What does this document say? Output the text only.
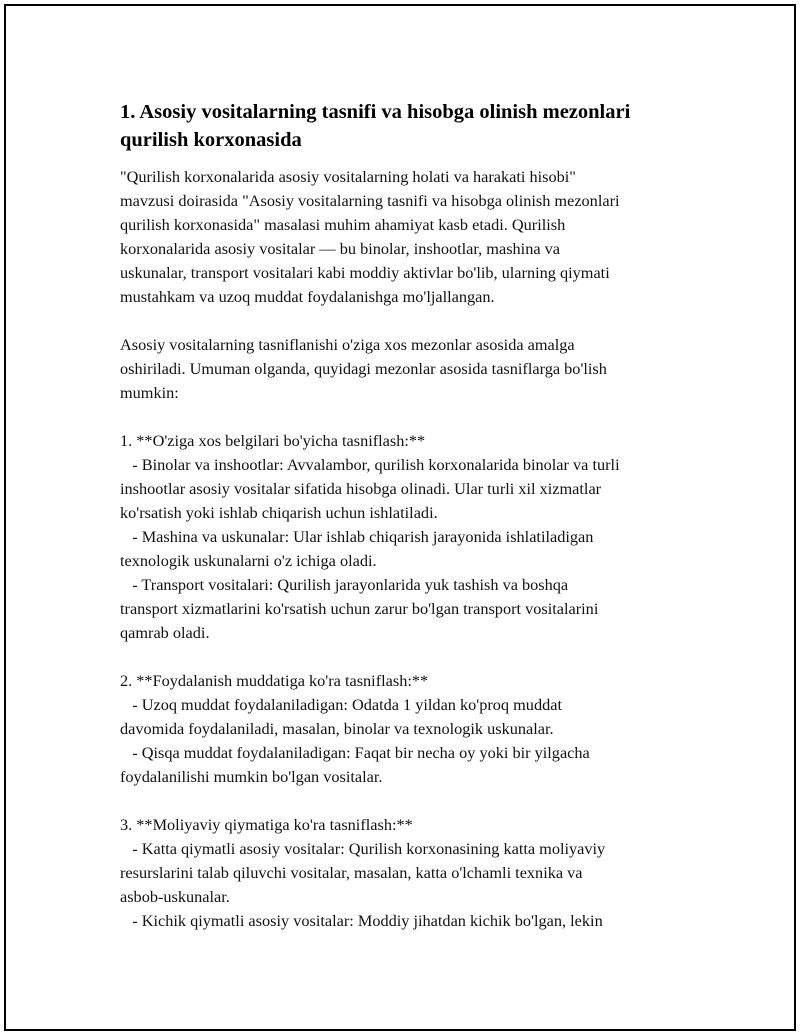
1. Asosiy vositalarning tasnifi va hisobga olinish mezonlari
qurilish korxonasida

"Qurilish korxonalarida asosiy vositalarning holati va harakati hisobi"
mavzusi doirasida "Asosiy vositalarning tasnifi va hisobga olinish mezonlari
qurilish korxonasida" masalasi muhim ahamiyat kasb etadi. Qurilish
korxonalarida asosiy vositalar — bu binolar, inshootlar, mashina va
uskunalar, transport vositalari kabi moddiy aktivlar bo'lib, ularning qiymati
mustahkam va uzoq muddat foydalanishga mo'ljallangan.

Asosiy vositalarning tasniflanishi o'ziga xos mezonlar asosida amalga
oshiriladi. Umuman olganda, quyidagi mezonlar asosida tasniflarga bo'lish
mumkin:

1. **O'ziga xos belgilari bo'yicha tasniflash:**
- Binolar va inshootlar: Avvalambor, qurilish korxonalarida binolar va turli
inshootlar asosiy vositalar sifatida hisobga olinadi. Ular turli xil xizmatlar
ko'rsatish yoki ishlab chiqarish uchun ishlatiladi.
- Mashina va uskunalar: Ular ishlab chiqarish jarayonida ishlatiladigan
texnologik uskunalarni o'z ichiga oladi.
- Transport vositalari: Qurilish jarayonlarida yuk tashish va boshqa
transport xizmatlarini ko'rsatish uchun zarur bo'lgan transport vositalarini
qamrab oladi.

2. **Foydalanish muddatiga ko'ra tasniflash:**
- Uzoq muddat foydalaniladigan: Odatda 1 yildan ko'proq muddat
davomida foydalaniladi, masalan, binolar va texnologik uskunalar.
- Qisqa muddat foydalaniladigan: Faqat bir necha oy yoki bir yilgacha
foydalanilishi mumkin bo'lgan vositalar.

3. **Moliyaviy qiymatiga ko'ra tasniflash:**
- Katta qiymatli asosiy vositalar: Qurilish korxonasining katta moliyaviy
resurslarini talab qiluvchi vositalar, masalan, katta o'lchamli texnika va
asbob-uskunalar.
- Kichik qiymatli asosiy vositalar: Moddiy jihatdan kichik bo'lgan, lekin
